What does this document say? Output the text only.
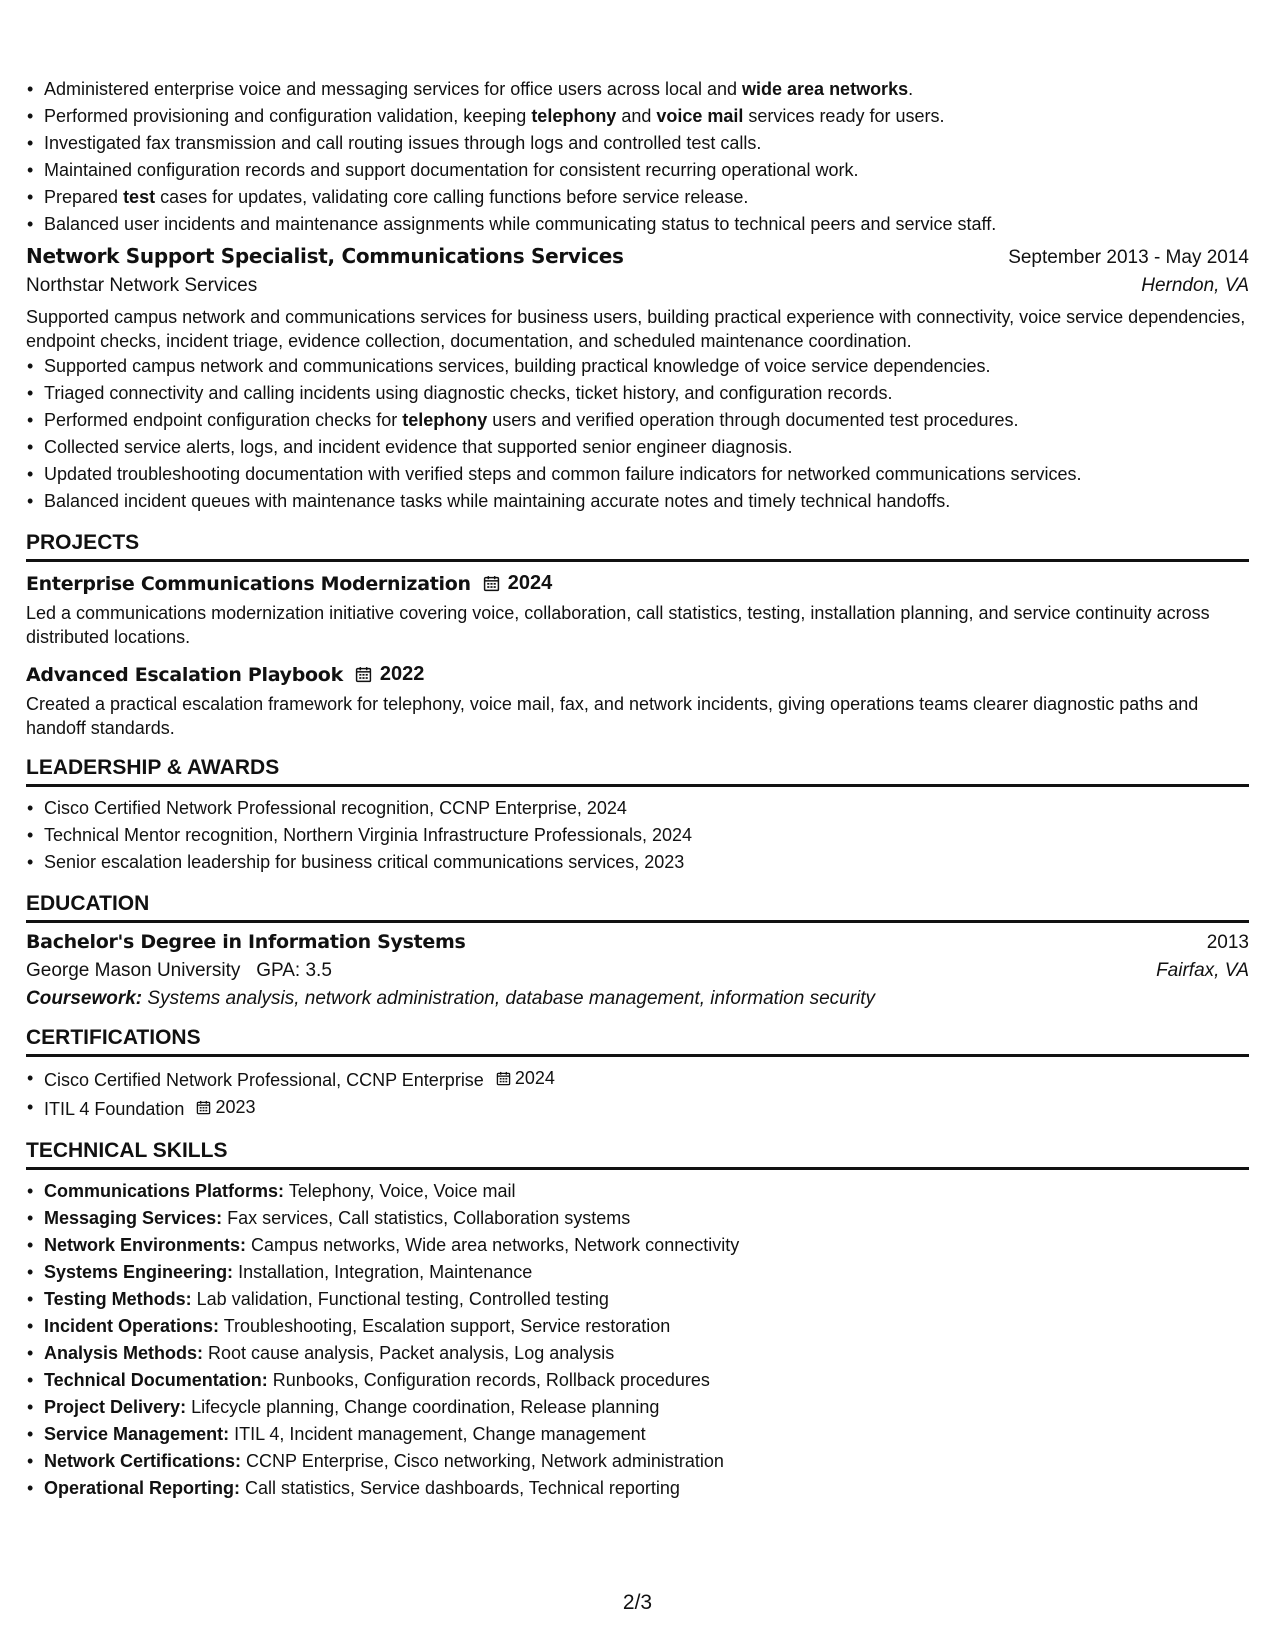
• Administered enterprise voice and messaging services for office users across local and wide area networks.
• Performed provisioning and configuration validation, keeping telephony and voice mail services ready for users.
• Investigated fax transmission and call routing issues through logs and controlled test calls.
• Maintained configuration records and support documentation for consistent recurring operational work.
• Prepared test cases for updates, validating core calling functions before service release.
• Balanced user incidents and maintenance assignments while communicating status to technical peers and service staff.
Network Support Specialist, Communications Services	September 2013 - May 2014
Northstar Network Services	Herndon, VA
Supported campus network and communications services for business users, building practical experience with connectivity, voice service dependencies, endpoint checks, incident triage, evidence collection, documentation, and scheduled maintenance coordination.
• Supported campus network and communications services, building practical knowledge of voice service dependencies.
• Triaged connectivity and calling incidents using diagnostic checks, ticket history, and configuration records.
• Performed endpoint configuration checks for telephony users and verified operation through documented test procedures.
• Collected service alerts, logs, and incident evidence that supported senior engineer diagnosis.
• Updated troubleshooting documentation with verified steps and common failure indicators for networked communications services.
• Balanced incident queues with maintenance tasks while maintaining accurate notes and timely technical handoffs.
PROJECTS
Enterprise Communications Modernization 2024
Led a communications modernization initiative covering voice, collaboration, call statistics, testing, installation planning, and service continuity across distributed locations.
Advanced Escalation Playbook 2022
Created a practical escalation framework for telephony, voice mail, fax, and network incidents, giving operations teams clearer diagnostic paths and handoff standards.
LEADERSHIP & AWARDS
• Cisco Certified Network Professional recognition, CCNP Enterprise, 2024
• Technical Mentor recognition, Northern Virginia Infrastructure Professionals, 2024
• Senior escalation leadership for business critical communications services, 2023
EDUCATION
Bachelor's Degree in Information Systems	2013
George Mason University GPA: 3.5	Fairfax, VA
Coursework: Systems analysis, network administration, database management, information security
CERTIFICATIONS
• Cisco Certified Network Professional, CCNP Enterprise 2024
• ITIL 4 Foundation 2023
TECHNICAL SKILLS
• Communications Platforms: Telephony, Voice, Voice mail
• Messaging Services: Fax services, Call statistics, Collaboration systems
• Network Environments: Campus networks, Wide area networks, Network connectivity
• Systems Engineering: Installation, Integration, Maintenance
• Testing Methods: Lab validation, Functional testing, Controlled testing
• Incident Operations: Troubleshooting, Escalation support, Service restoration
• Analysis Methods: Root cause analysis, Packet analysis, Log analysis
• Technical Documentation: Runbooks, Configuration records, Rollback procedures
• Project Delivery: Lifecycle planning, Change coordination, Release planning
• Service Management: ITIL 4, Incident management, Change management
• Network Certifications: CCNP Enterprise, Cisco networking, Network administration
• Operational Reporting: Call statistics, Service dashboards, Technical reporting
2/3
